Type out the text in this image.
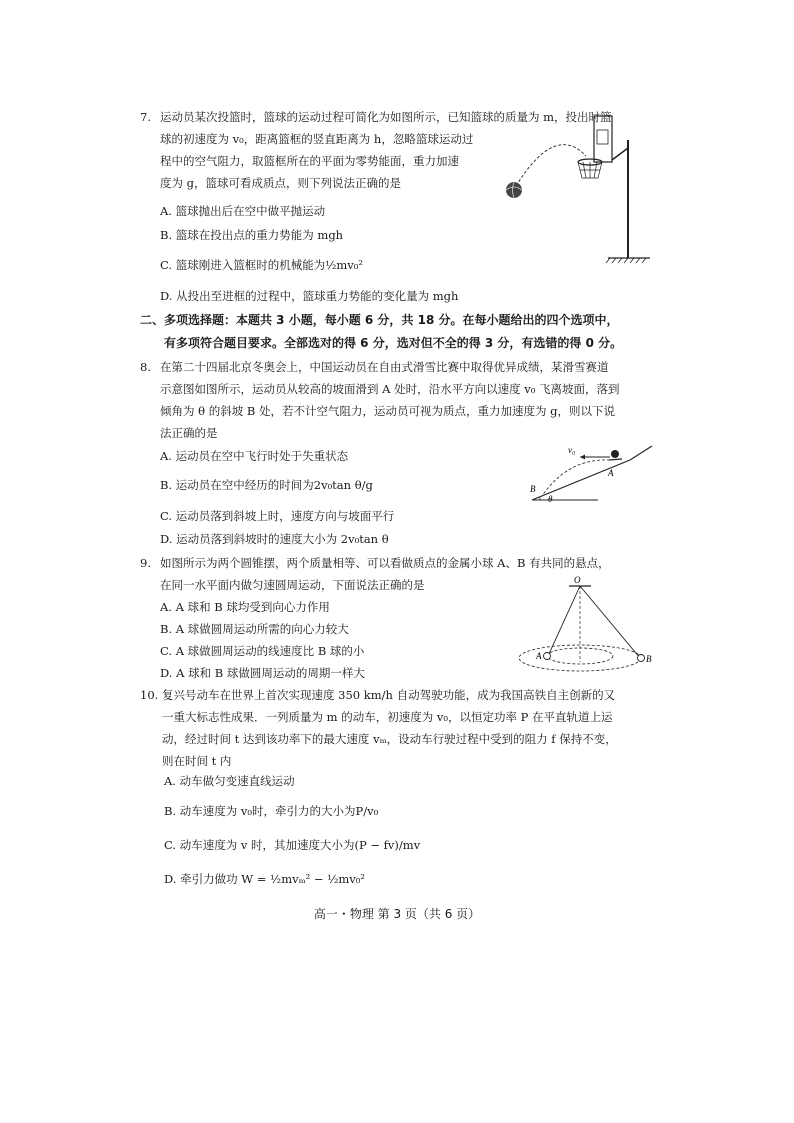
7. 运动员某次投篮时，篮球的运动过程可简化为如图所示，已知篮球的质量为 m，投出时篮
球的初速度为 v₀，距离篮框的竖直距离为 h，忽略篮球运动过
程中的空气阻力，取篮框所在的平面为零势能面，重力加速
度为 g，篮球可看成质点，则下列说法正确的是
A. 篮球抛出后在空中做平抛运动
B. 篮球在投出点的重力势能为 mgh
C. 篮球刚进入篮框时的机械能为½mv₀²
D. 从投出至进框的过程中，篮球重力势能的变化量为 mgh
二、多项选择题：本题共 3 小题，每小题 6 分，共 18 分。在每小题给出的四个选项中，
有多项符合题目要求。全部选对的得 6 分，选对但不全的得 3 分，有选错的得 0 分。
8. 在第二十四届北京冬奥会上，中国运动员在自由式滑雪比赛中取得优异成绩，某滑雪赛道
示意图如图所示，运动员从较高的坡面滑到 A 处时，沿水平方向以速度 v₀ 飞离坡面，落到
倾角为 θ 的斜坡 B 处，若不计空气阻力，运动员可视为质点，重力加速度为 g，则以下说
法正确的是
A. 运动员在空中飞行时处于失重状态
B. 运动员在空中经历的时间为2v₀tan θ/g
C. 运动员落到斜坡上时，速度方向与坡面平行
D. 运动员落到斜坡时的速度大小为 2v₀tan θ
v₀
A
B
θ
9. 如图所示为两个圆锥摆，两个质量相等、可以看做质点的金属小球 A、B 有共同的悬点，
在同一水平面内做匀速圆周运动，下面说法正确的是
A. A 球和 B 球均受到向心力作用
B. A 球做圆周运动所需的向心力较大
C. A 球做圆周运动的线速度比 B 球的小
D. A 球和 B 球做圆周运动的周期一样大
O
A	B
10. 复兴号动车在世界上首次实现速度 350 km/h 自动驾驶功能，成为我国高铁自主创新的又
一重大标志性成果．一列质量为 m 的动车，初速度为 v₀，以恒定功率 P 在平直轨道上运
动，经过时间 t 达到该功率下的最大速度 vₘ，设动车行驶过程中受到的阻力 f 保持不变，
则在时间 t 内
A. 动车做匀变速直线运动
B. 动车速度为 v₀时，牵引力的大小为P/v₀
C. 动车速度为 v 时，其加速度大小为(P − fv)/mv
D. 牵引力做功 W = ½mvₘ² − ½mv₀²
高一・物理 第 3 页（共 6 页）
